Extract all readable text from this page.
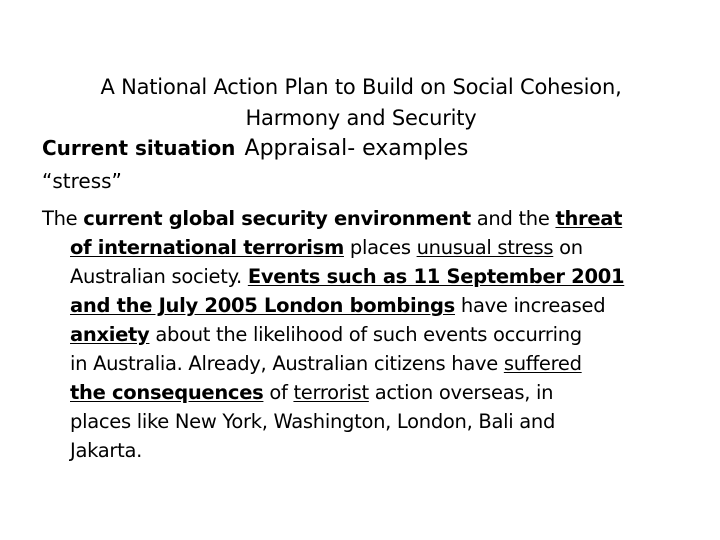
A National Action Plan to Build on Social Cohesion,
Harmony and Security
Current situation Appraisal- examples
“stress”
The current global security environment and the threat
of international terrorism places unusual stress on
Australian society. Events such as 11 September 2001
and the July 2005 London bombings have increased
anxiety about the likelihood of such events occurring
in Australia. Already, Australian citizens have suffered
the consequences of terrorist action overseas, in
places like New York, Washington, London, Bali and
Jakarta.
